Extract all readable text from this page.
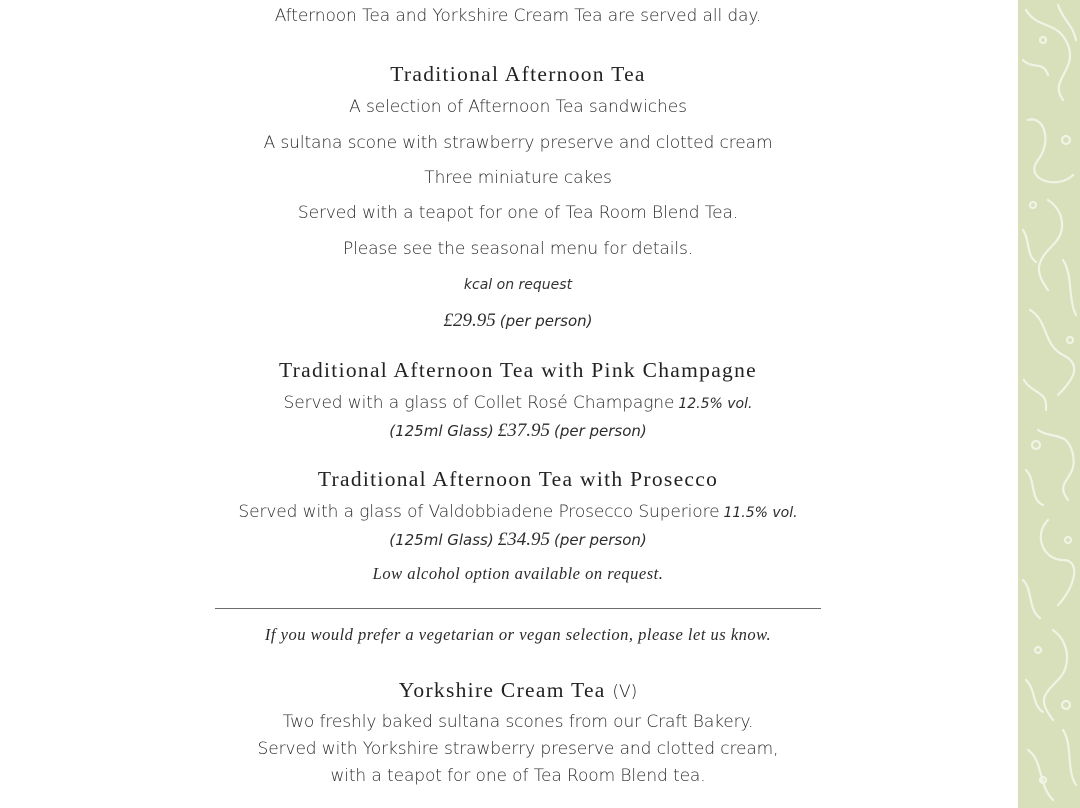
Afternoon Tea and Yorkshire Cream Tea are served all day.
Traditional Afternoon Tea
A selection of Afternoon Tea sandwiches
A sultana scone with strawberry preserve and clotted cream
Three miniature cakes
Served with a teapot for one of Tea Room Blend Tea.
Please see the seasonal menu for details.
kcal on request
£29.95 (per person)
Traditional Afternoon Tea with Pink Champagne
Served with a glass of Collet Rosé Champagne 12.5% vol.
(125ml Glass) £37.95 (per person)
Traditional Afternoon Tea with Prosecco
Served with a glass of Valdobbiadene Prosecco Superiore 11.5% vol.
(125ml Glass) £34.95 (per person)
Low alcohol option available on request.
If you would prefer a vegetarian or vegan selection, please let us know.
Yorkshire Cream Tea (V)
Two freshly baked sultana scones from our Craft Bakery.
Served with Yorkshire strawberry preserve and clotted cream,
with a teapot for one of Tea Room Blend tea.
